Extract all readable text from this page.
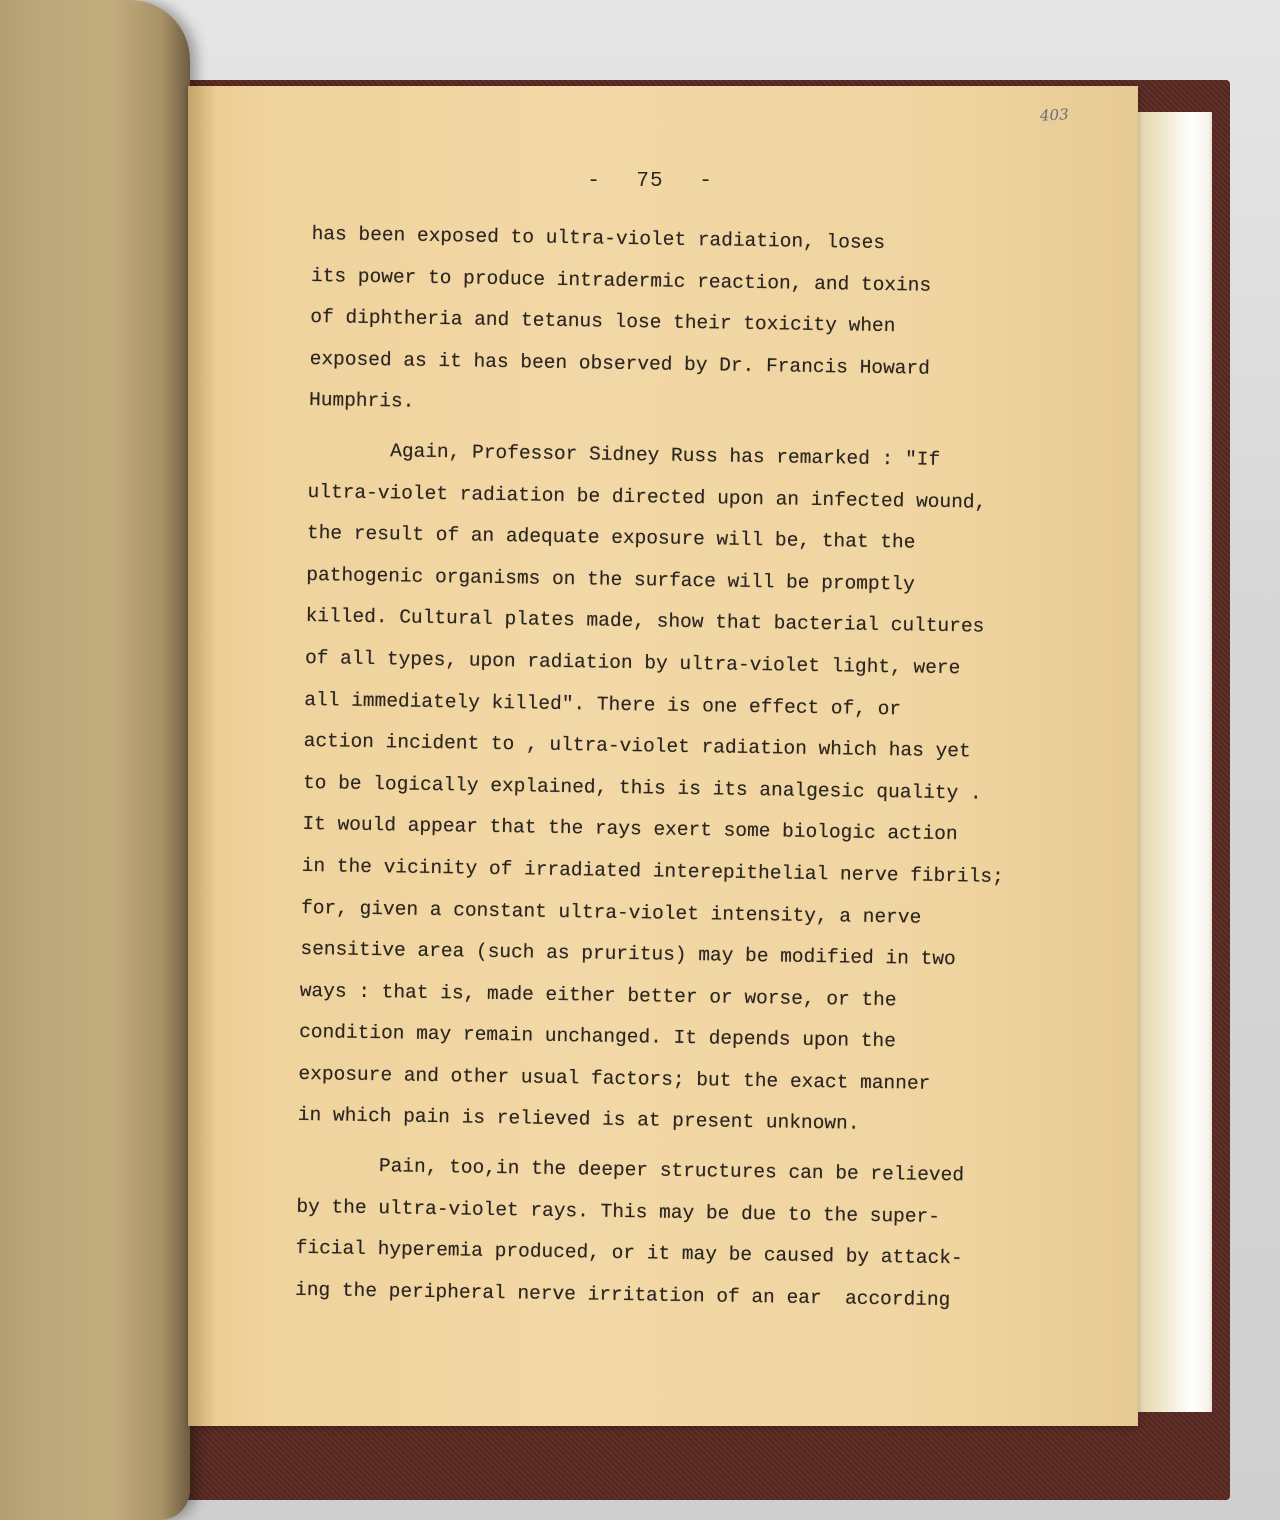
403
- 75 -
has been exposed to ultra-violet radiation, loses
its power to produce intradermic reaction, and toxins
of diphtheria and tetanus lose their toxicity when
exposed as it has been observed by Dr. Francis Howard
Humphris.
Again, Professor Sidney Russ has remarked : "If
ultra-violet radiation be directed upon an infected wound,
the result of an adequate exposure will be, that the
pathogenic organisms on the surface will be promptly
killed. Cultural plates made, show that bacterial cultures
of all types, upon radiation by ultra-violet light, were
all immediately killed". There is one effect of, or
action incident to , ultra-violet radiation which has yet
to be logically explained, this is its analgesic quality .
It would appear that the rays exert some biologic action
in the vicinity of irradiated interepithelial nerve fibrils;
for, given a constant ultra-violet intensity, a nerve
sensitive area (such as pruritus) may be modified in two
ways : that is, made either better or worse, or the
condition may remain unchanged. It depends upon the
exposure and other usual factors; but the exact manner
in which pain is relieved is at present unknown.
Pain, too,in the deeper structures can be relieved
by the ultra-violet rays. This may be due to the super-
ficial hyperemia produced, or it may be caused by attack-
ing the peripheral nerve irritation of an ear  according
